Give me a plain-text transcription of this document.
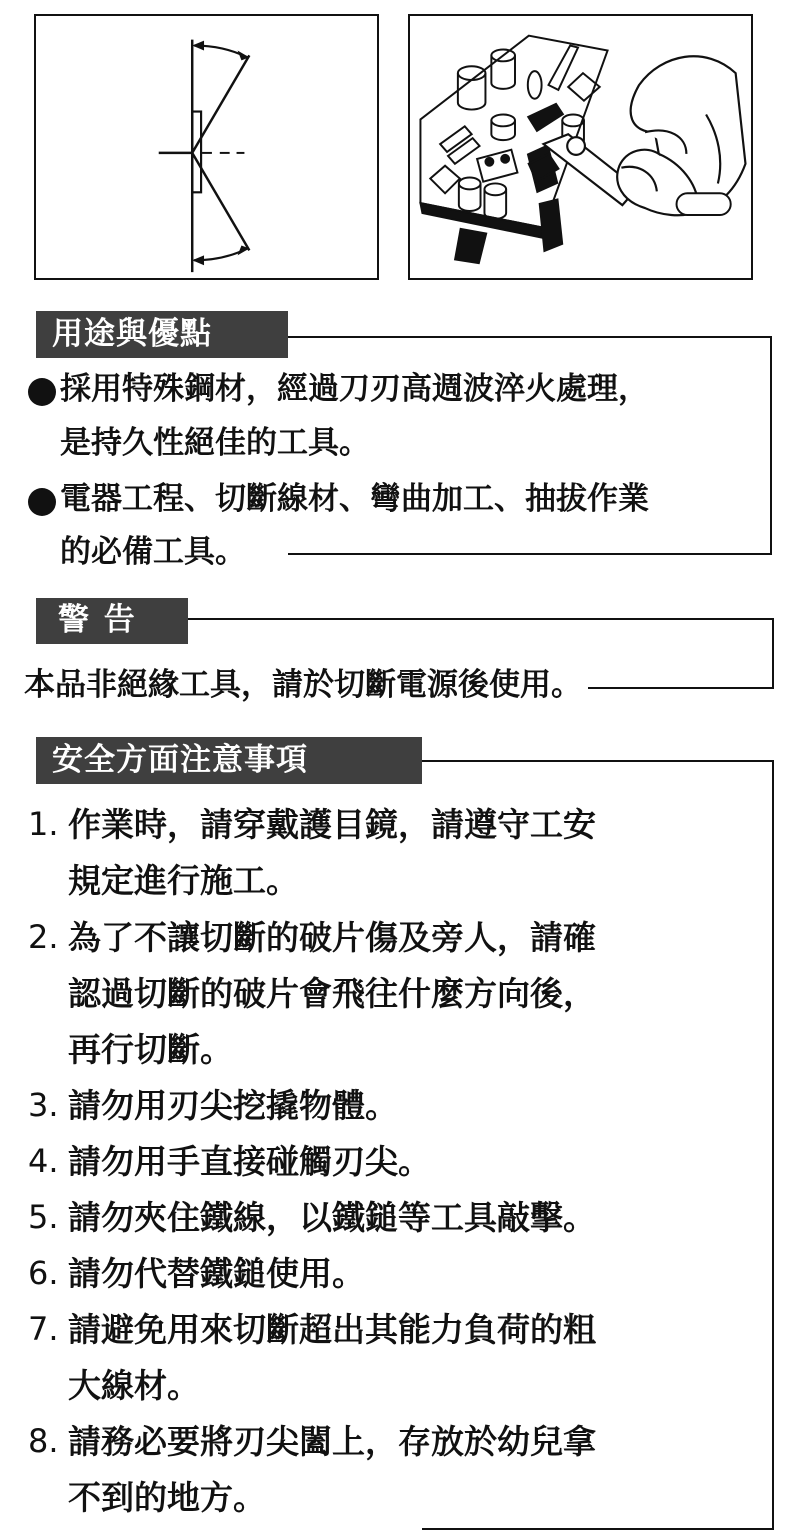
用途與優點
採用特殊鋼材，經過刀刃高週波淬火處理，
是持久性絕佳的工具。
電器工程、切斷線材、彎曲加工、抽拔作業
的必備工具。
警 告
本品非絕緣工具，請於切斷電源後使用。
安全方面注意事項
1. 作業時，請穿戴護目鏡，請遵守工安
規定進行施工。
2. 為了不讓切斷的破片傷及旁人，請確
認過切斷的破片會飛往什麼方向後，
再行切斷。
3. 請勿用刃尖挖撬物體。
4. 請勿用手直接碰觸刃尖。
5. 請勿夾住鐵線，以鐵鎚等工具敲擊。
6. 請勿代替鐵鎚使用。
7. 請避免用來切斷超出其能力負荷的粗
大線材。
8. 請務必要將刃尖闔上，存放於幼兒拿
不到的地方。
